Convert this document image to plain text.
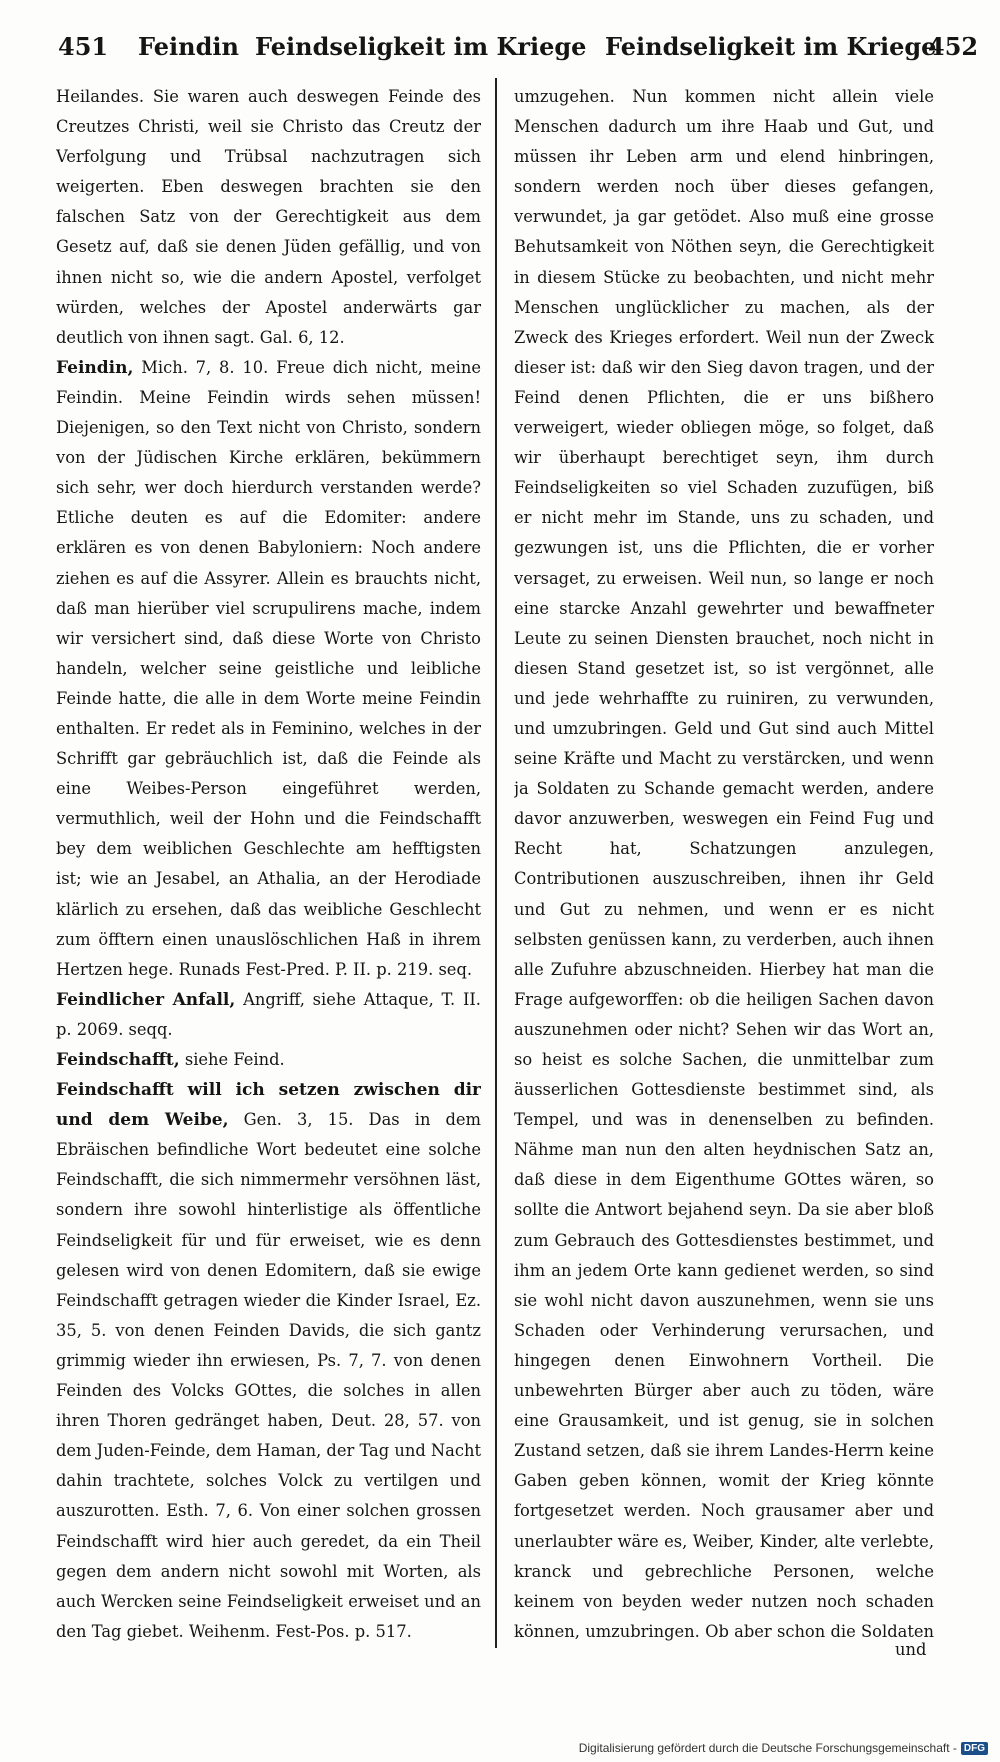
451 Feindin Feindseligkeit im Kriege Feindseligkeit im Kriege
452

Heilandes. Sie waren auch deswegen Feinde des Creutzes Christi, weil sie Christo das Creutz der Verfolgung und Trübsal nachzutragen sich weigerten. Eben deswegen brachten sie den falschen Satz von der Gerechtigkeit aus dem Gesetz auf, daß sie denen Jüden gefällig, und von ihnen nicht so, wie die andern Apostel, verfolget würden, welches der Apostel anderwärts gar deutlich von ihnen sagt. Gal. 6, 12.

Feindin, Mich. 7, 8. 10. Freue dich nicht, meine Feindin. Meine Feindin wirds sehen müssen! Diejenigen, so den Text nicht von Christo, sondern von der Jüdischen Kirche erklären, bekümmern sich sehr, wer doch hierdurch verstanden werde? Etliche deuten es auf die Edomiter: andere erklären es von denen Babyloniern: Noch andere ziehen es auf die Assyrer. Allein es brauchts nicht, daß man hierüber viel scrupulirens mache, indem wir versichert sind, daß diese Worte von Christo handeln, welcher seine geistliche und leibliche Feinde hatte, die alle in dem Worte meine Feindin enthalten. Er redet als in Feminino, welches in der Schrifft gar gebräuchlich ist, daß die Feinde als eine Weibes-Person eingeführet werden, vermuthlich, weil der Hohn und die Feindschafft bey dem weiblichen Geschlechte am hefftigsten ist; wie an Jesabel, an Athalia, an der Herodiade klärlich zu ersehen, daß das weibliche Geschlecht zum öfftern einen unauslöschlichen Haß in ihrem Hertzen hege. Runads Fest-Pred. P. II. p. 219. seq.

Feindlicher Anfall, Angriff, siehe Attaque, T. II. p. 2069. seqq.

Feindschafft, siehe Feind.

Feindschafft will ich setzen zwischen dir und dem Weibe, Gen. 3, 15. Das in dem Ebräischen befindliche Wort bedeutet eine solche Feindschafft, die sich nimmermehr versöhnen läst, sondern ihre sowohl hinterlistige als öffentliche Feindseligkeit für und für erweiset, wie es denn gelesen wird von denen Edomitern, daß sie ewige Feindschafft getragen wieder die Kinder Israel, Ez. 35, 5. von denen Feinden Davids, die sich gantz grimmig wieder ihn erwiesen, Ps. 7, 7. von denen Feinden des Volcks GOttes, die solches in allen ihren Thoren gedränget haben, Deut. 28, 57. von dem Juden-Feinde, dem Haman, der Tag und Nacht dahin trachtete, solches Volck zu vertilgen und auszurotten. Esth. 7, 6. Von einer solchen grossen Feindschafft wird hier auch geredet, da ein Theil gegen dem andern nicht sowohl mit Worten, als auch Wercken seine Feindseligkeit erweiset und an den Tag giebet. Weihenm. Fest-Pos. p. 517.

umzugehen. Nun kommen nicht allein viele Menschen dadurch um ihre Haab und Gut, und müssen ihr Leben arm und elend hinbringen, sondern werden noch über dieses gefangen, verwundet, ja gar getödet. Also muß eine grosse Behutsamkeit von Nöthen seyn, die Gerechtigkeit in diesem Stücke zu beobachten, und nicht mehr Menschen unglücklicher zu machen, als der Zweck des Krieges erfordert. Weil nun der Zweck dieser ist: daß wir den Sieg davon tragen, und der Feind denen Pflichten, die er uns bißhero verweigert, wieder obliegen möge, so folget, daß wir überhaupt berechtiget seyn, ihm durch Feindseligkeiten so viel Schaden zuzufügen, biß er nicht mehr im Stande, uns zu schaden, und gezwungen ist, uns die Pflichten, die er vorher versaget, zu erweisen. Weil nun, so lange er noch eine starcke Anzahl gewehrter und bewaffneter Leute zu seinen Diensten brauchet, noch nicht in diesen Stand gesetzet ist, so ist vergönnet, alle und jede wehrhaffte zu ruiniren, zu verwunden, und umzubringen. Geld und Gut sind auch Mittel seine Kräfte und Macht zu verstärcken, und wenn ja Soldaten zu Schande gemacht werden, andere davor anzuwerben, weswegen ein Feind Fug und Recht hat, Schatzungen anzulegen, Contributionen auszuschreiben, ihnen ihr Geld und Gut zu nehmen, und wenn er es nicht selbsten genüssen kann, zu verderben, auch ihnen alle Zufuhre abzuschneiden. Hierbey hat man die Frage aufgeworffen: ob die heiligen Sachen davon auszunehmen oder nicht? Sehen wir das Wort an, so heist es solche Sachen, die unmittelbar zum äusserlichen Gottesdienste bestimmet sind, als Tempel, und was in denenselben zu befinden. Nähme man nun den alten heydnischen Satz an, daß diese in dem Eigenthume GOttes wären, so sollte die Antwort bejahend seyn. Da sie aber bloß zum Gebrauch des Gottesdienstes bestimmet, und ihm an jedem Orte kann gedienet werden, so sind sie wohl nicht davon auszunehmen, wenn sie uns Schaden oder Verhinderung verursachen, und hingegen denen Einwohnern Vortheil. Die unbewehrten Bürger aber auch zu töden, wäre eine Grausamkeit, und ist genug, sie in solchen Zustand setzen, daß sie ihrem Landes-Herrn keine Gaben geben können, womit der Krieg könnte fortgesetzet werden. Noch grausamer aber und unerlaubter wäre es, Weiber, Kinder, alte verlebte, kranck und gebrechliche Personen, welche keinem von beyden weder nutzen noch schaden können, umzubringen. Ob aber schon die Soldaten

und
Digitalisierung gefördert durch die Deutsche Forschungsgemeinschaft - DFG
